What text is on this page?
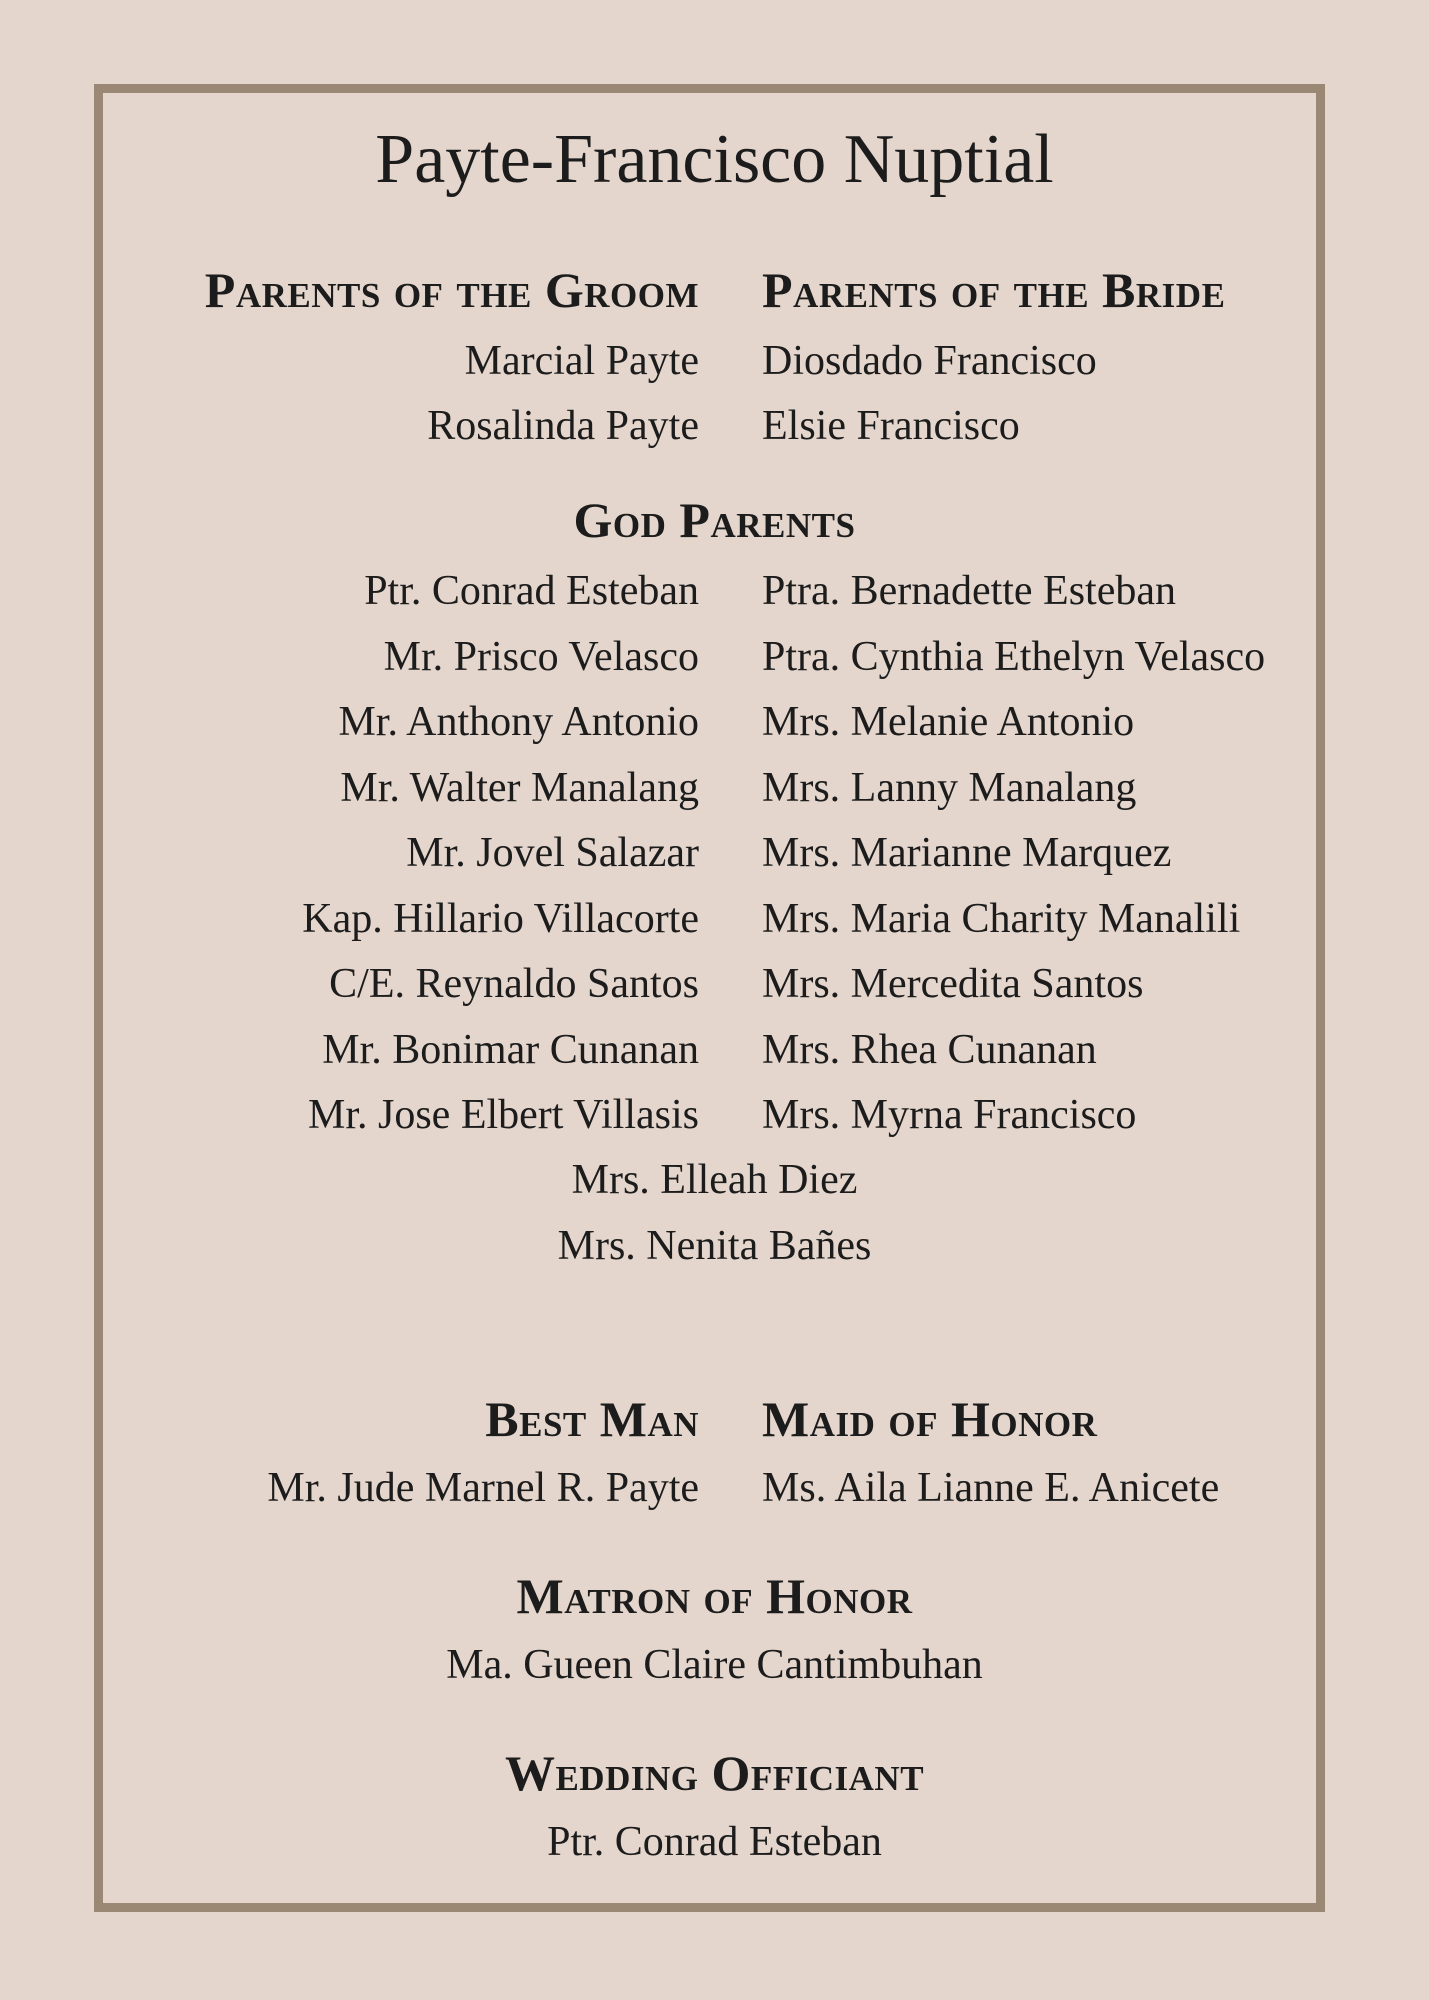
Payte-Francisco Nuptial
Parents of the Groom Parents of the Bride
Marcial Payte
Rosalinda Payte
Diosdado Francisco
Elsie Francisco
God Parents
Ptr. Conrad Esteban
Mr. Prisco Velasco
Mr. Anthony Antonio
Mr. Walter Manalang
Mr. Jovel Salazar
Kap. Hillario Villacorte
C/E. Reynaldo Santos
Mr. Bonimar Cunanan
Mr. Jose Elbert Villasis
Ptra. Bernadette Esteban
Ptra. Cynthia Ethelyn Velasco
Mrs. Melanie Antonio
Mrs. Lanny Manalang
Mrs. Marianne Marquez
Mrs. Maria Charity Manalili
Mrs. Mercedita Santos
Mrs. Rhea Cunanan
Mrs. Myrna Francisco
Mrs. Elleah Diez
Mrs. Nenita Bañes
Best Man Maid of Honor
Mr. Jude Marnel R. Payte Ms. Aila Lianne E. Anicete
Matron of Honor
Ma. Gueen Claire Cantimbuhan
Wedding Officiant
Ptr. Conrad Esteban
